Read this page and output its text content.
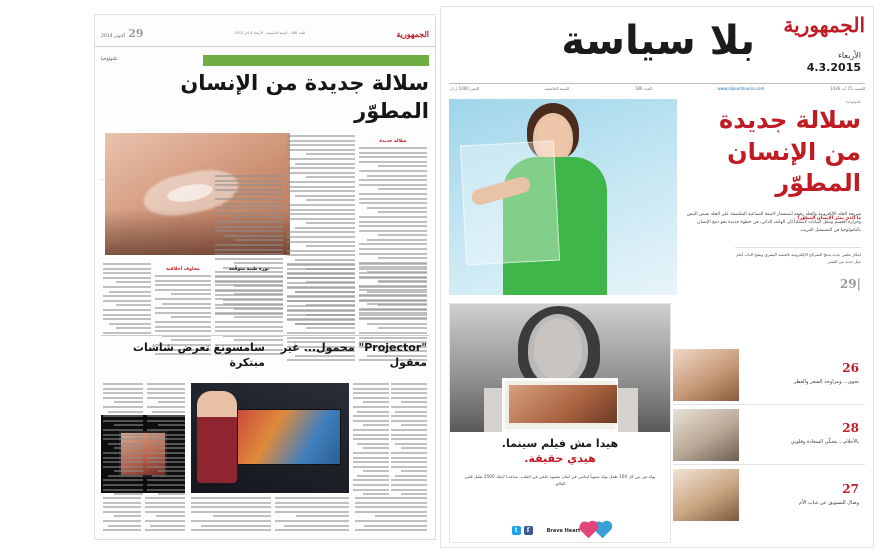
الجمهورية
العدد 186 - السنة الخامسة - الأربعاء 4 آذار 2015
29
أكتوبر 2014
تكنولوجيا
سلالة جديدة من الإنسان المطوّر
سلالة جديدة
ثورة طبية متوقّعة
مخاوف أخلاقية
"Projector" محمول... غير معقول
سامسونغ تعرض شاشات مبتكرة
الجمهورية
بلا سياسة	الأربعاء
4.3.2015
السبت 15 آب 1436
www.aljoumhouria.com
العدد 186
السنة الخامسة
الثمن 1000 ل.ل.
تكنولوجيا
سلالة جديدة من الإنسان المطوّر
شريحة الجلد الإلكترونية والجلد رقيقة استشعار لاصقة الصناعية الملتصقة على الجلد تقيس النبض وحرارة الجسم وتنقل البيانات لاسلكياً إلى الهاتف الذكي، في خطوة جديدة نحو دمج الإنسان بالتكنولوجيا في المستقبل القريب.
ما الذي يميّز الإنسان المطوّر؟
ابتكار علمي جديد يدمج الشرائح الإلكترونية بالجسد البشري ويفتح الباب أمام جيل جديد من البشر.
|29
هيدا مش فيلم سينما.
هيدي حقيقة.
يولد من بين كل 100 طفل يولد سنوياً لبنانيي في لبنان بتشوه خلقي في القلب. ساعدنا لإنقاذ 2500 طفل قلبي العالم.
Brave Heart
f
t
26
نجوى... ومزاوجة الشعر والعطر
28
بالأحلام... بتحكّي السعادة وقلوبي
27
وصال للتسويق عن غياب الأم
